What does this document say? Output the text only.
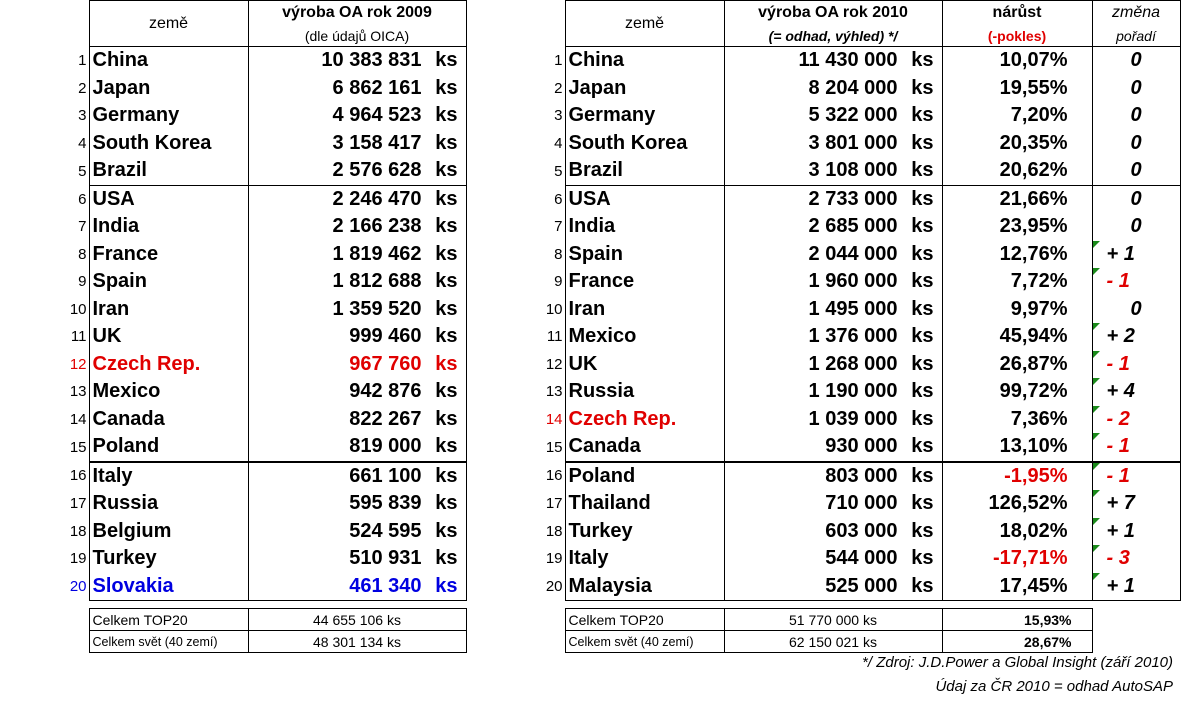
	země	výroba OA rok 2009
		(dle údajů OICA)
1	China	10 383 831 ks
2	Japan	6 862 161 ks
3	Germany	4 964 523 ks
4	South Korea	3 158 417 ks
5	Brazil	2 576 628 ks
6	USA	2 246 470 ks
7	India	2 166 238 ks
8	France	1 819 462 ks
9	Spain	1 812 688 ks
10	Iran	1 359 520 ks
11	UK	999 460 ks
12	Czech Rep.	967 760 ks
13	Mexico	942 876 ks
14	Canada	822 267 ks
15	Poland	819 000 ks
16	Italy	661 100 ks
17	Russia	595 839 ks
18	Belgium	524 595 ks
19	Turkey	510 931 ks
20	Slovakia	461 340 ks
	Celkem TOP20	44 655 106 ks
	Celkem svět (40 zemí)	48 301 134 ks
	země	výroba OA rok 2010	nárůst	změna
		(= odhad, výhled) */	(-pokles)	pořadí
1	China	11 430 000 ks	10,07%	0
2	Japan	8 204 000 ks	19,55%	0
3	Germany	5 322 000 ks	7,20%	0
4	South Korea	3 801 000 ks	20,35%	0
5	Brazil	3 108 000 ks	20,62%	0
6	USA	2 733 000 ks	21,66%	0
7	India	2 685 000 ks	23,95%	0
8	Spain	2 044 000 ks	12,76%	+ 1
9	France	1 960 000 ks	7,72%	- 1
10	Iran	1 495 000 ks	9,97%	0
11	Mexico	1 376 000 ks	45,94%	+ 2
12	UK	1 268 000 ks	26,87%	- 1
13	Russia	1 190 000 ks	99,72%	+ 4
14	Czech Rep.	1 039 000 ks	7,36%	- 2
15	Canada	930 000 ks	13,10%	- 1
16	Poland	803 000 ks	-1,95%	- 1
17	Thailand	710 000 ks	126,52%	+ 7
18	Turkey	603 000 ks	18,02%	+ 1
19	Italy	544 000 ks	-17,71%	- 3
20	Malaysia	525 000 ks	17,45%	+ 1
	Celkem TOP20	51 770 000 ks	15,93%
	Celkem svět (40 zemí)	62 150 021 ks	28,67%
*/ Zdroj: J.D.Power a Global Insight (září 2010)
Údaj za ČR 2010 = odhad AutoSAP
